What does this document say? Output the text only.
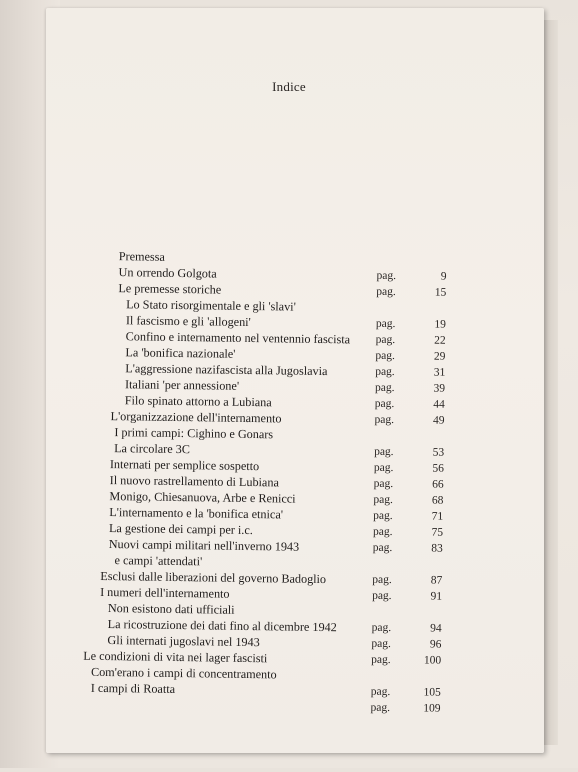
Indice
Premessa
Un orrendo Golgota	pag.	9
Le premesse storiche	pag.	15
Lo Stato risorgimentale e gli 'slavi'
Il fascismo e gli 'allogeni'	pag.	19
Confino e internamento nel ventennio fascista pag.	22
La 'bonifica nazionale'	pag.	29
L'aggressione nazifascista alla Jugoslavia	pag.	31
Italiani 'per annessione'	pag.	39
Filo spinato attorno a Lubiana	pag.	44
L'organizzazione dell'internamento	pag.	49
I primi campi: Cighino e Gonars
La circolare 3C	pag.	53
Internati per semplice sospetto	pag.	56
Il nuovo rastrellamento di Lubiana	pag.	66
Monigo, Chiesanuova, Arbe e Renicci	pag.	68
L'internamento e la 'bonifica etnica'	pag.	71
La gestione dei campi per i.c.	pag.	75
Nuovi campi militari nell'inverno 1943	pag.	83
e campi 'attendati'
Esclusi dalle liberazioni del governo Badoglio	pag.	87
I numeri dell'internamento	pag.	91
Non esistono dati ufficiali
La ricostruzione dei dati fino al dicembre 1942	pag.	94
Gli internati jugoslavi nel 1943	pag.	96
Le condizioni di vita nei lager fascisti	pag.	100
Com'erano i campi di concentramento
I campi di Roatta	pag.	105
pag.	109
